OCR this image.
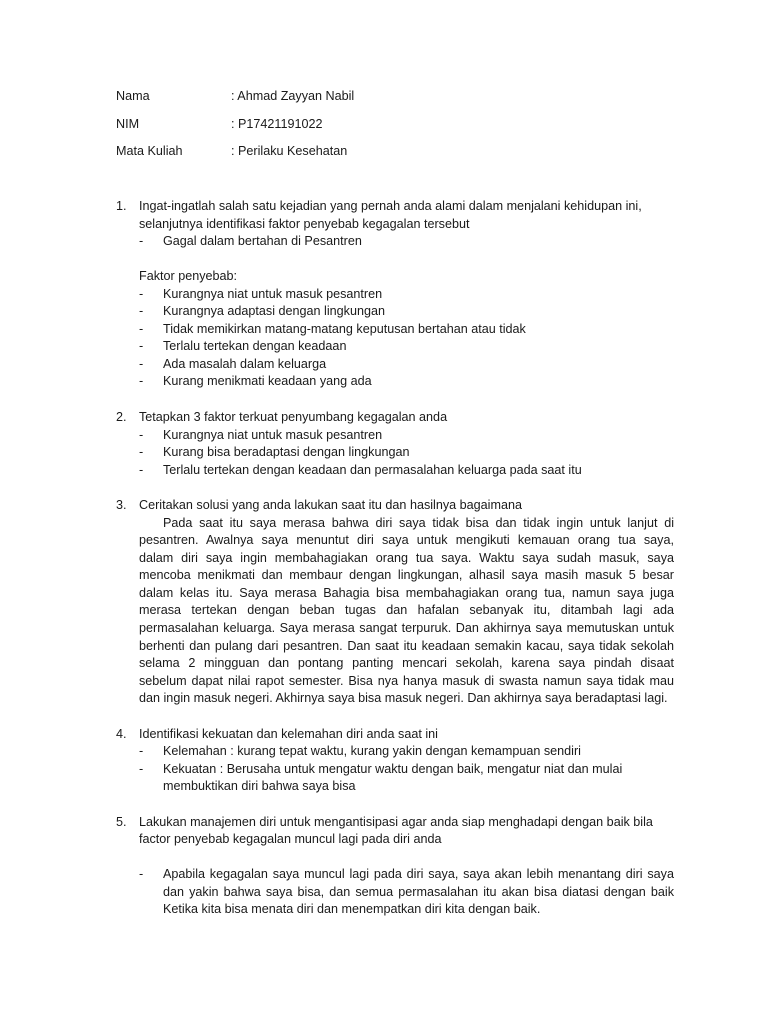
Nama	: Ahmad Zayyan Nabil
NIM	: P17421191022
Mata Kuliah	: Perilaku Kesehatan
1. Ingat-ingatlah salah satu kejadian yang pernah anda alami dalam menjalani kehidupan ini,
selanjutnya identifikasi faktor penyebab kegagalan tersebut
- Gagal dalam bertahan di Pesantren
Faktor penyebab:
- Kurangnya niat untuk masuk pesantren
- Kurangnya adaptasi dengan lingkungan
- Tidak memikirkan matang-matang keputusan bertahan atau tidak
- Terlalu tertekan dengan keadaan
- Ada masalah dalam keluarga
- Kurang menikmati keadaan yang ada
2. Tetapkan 3 faktor terkuat penyumbang kegagalan anda
- Kurangnya niat untuk masuk pesantren
- Kurang bisa beradaptasi dengan lingkungan
- Terlalu tertekan dengan keadaan dan permasalahan keluarga pada saat itu
3. Ceritakan solusi yang anda lakukan saat itu dan hasilnya bagaimana
Pada saat itu saya merasa bahwa diri saya tidak bisa dan tidak ingin untuk lanjut di
pesantren. Awalnya saya menuntut diri saya untuk mengikuti kemauan orang tua saya,
dalam diri saya ingin membahagiakan orang tua saya. Waktu saya sudah masuk, saya
mencoba menikmati dan membaur dengan lingkungan, alhasil saya masih masuk 5 besar
dalam kelas itu. Saya merasa Bahagia bisa membahagiakan orang tua, namun saya juga
merasa tertekan dengan beban tugas dan hafalan sebanyak itu, ditambah lagi ada
permasalahan keluarga. Saya merasa sangat terpuruk. Dan akhirnya saya memutuskan untuk
berhenti dan pulang dari pesantren. Dan saat itu keadaan semakin kacau, saya tidak sekolah
selama 2 mingguan dan pontang panting mencari sekolah, karena saya pindah disaat
sebelum dapat nilai rapot semester. Bisa nya hanya masuk di swasta namun saya tidak mau
dan ingin masuk negeri. Akhirnya saya bisa masuk negeri. Dan akhirnya saya beradaptasi lagi.
4. Identifikasi kekuatan dan kelemahan diri anda saat ini
- Kelemahan : kurang tepat waktu, kurang yakin dengan kemampuan sendiri
- Kekuatan : Berusaha untuk mengatur waktu dengan baik, mengatur niat dan mulai
membuktikan diri bahwa saya bisa
5. Lakukan manajemen diri untuk mengantisipasi agar anda siap menghadapi dengan baik bila
factor penyebab kegagalan muncul lagi pada diri anda
- Apabila kegagalan saya muncul lagi pada diri saya, saya akan lebih menantang diri saya
dan yakin bahwa saya bisa, dan semua permasalahan itu akan bisa diatasi dengan baik
Ketika kita bisa menata diri dan menempatkan diri kita dengan baik.
